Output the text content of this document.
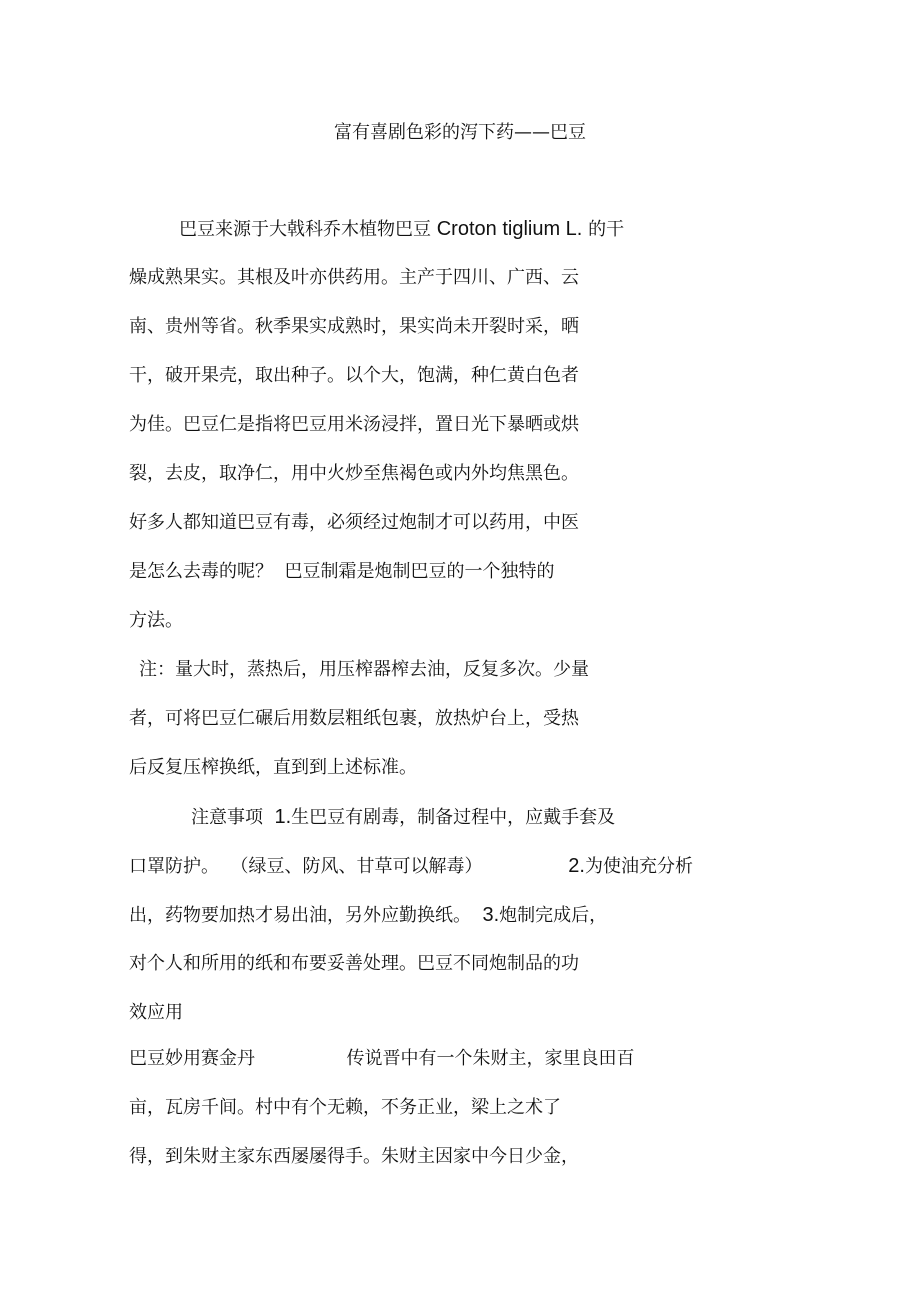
富有喜剧色彩的泻下药——巴豆
巴豆来源于大戟科乔木植物巴豆 Croton tiglium L. 的干
燥成熟果实。其根及叶亦供药用。主产于四川、广西、云
南、贵州等省。秋季果实成熟时，果实尚未开裂时采，晒
干，破开果壳，取出种子。以个大，饱满，种仁黄白色者
为佳。巴豆仁是指将巴豆用米汤浸拌，置日光下暴晒或烘
裂，去皮，取净仁，用中火炒至焦褐色或内外均焦黑色。
好多人都知道巴豆有毒，必须经过炮制才可以药用，中医
是怎么去毒的呢？  巴豆制霜是炮制巴豆的一个独特的
方法。
注：量大时，蒸热后，用压榨器榨去油，反复多次。少量
者，可将巴豆仁碾后用数层粗纸包裹，放热炉台上，受热
后反复压榨换纸，直到到上述标准。
注意事项  1.生巴豆有剧毒，制备过程中，应戴手套及
口罩防护。  （绿豆、防风、甘草可以解毒）               2.为使油充分析
出，药物要加热才易出油，另外应勤换纸。  3.炮制完成后，
对个人和所用的纸和布要妥善处理。巴豆不同炮制品的功
效应用
巴豆妙用赛金丹                传说晋中有一个朱财主，家里良田百
亩，瓦房千间。村中有个无赖，不务正业，梁上之术了
得，到朱财主家东西屡屡得手。朱财主因家中今日少金，
